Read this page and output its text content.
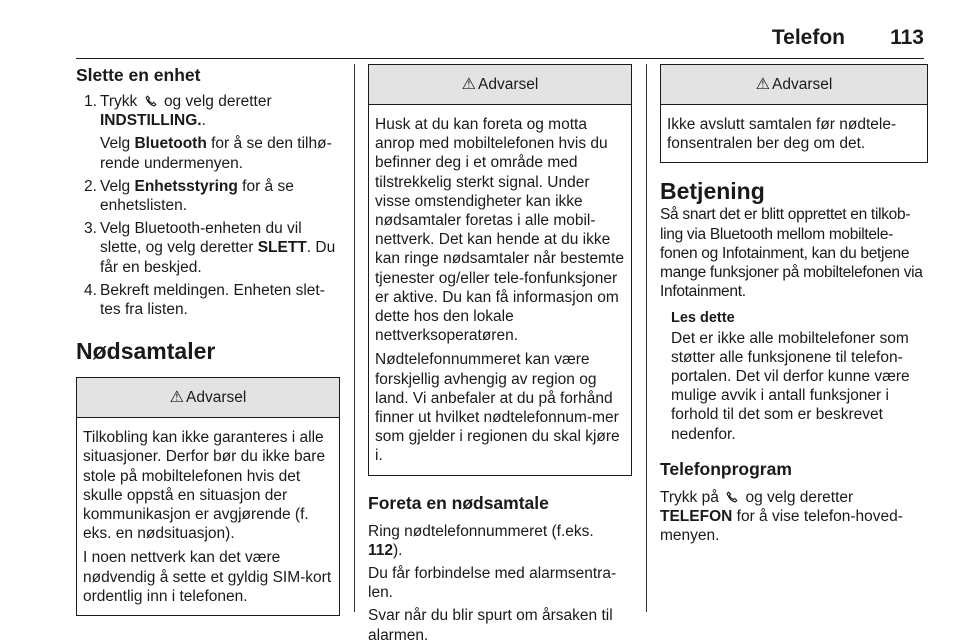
Telefon 113
Slette en enhet
1. Trykk og velg deretter
INDSTILLING..
Velg Bluetooth for å se den tilhø-rende undermenyen.
2. Velg Enhetsstyring for å se enhetslisten.
3. Velg Bluetooth-enheten du vil slette, og velg deretter SLETT. Du får en beskjed.
4. Bekreft meldingen. Enheten slet-tes fra listen.
Nødsamtaler
⚠ Advarsel

Tilkobling kan ikke garanteres i alle situasjoner. Derfor bør du ikke bare stole på mobiltelefonen hvis det skulle oppstå en situasjon der kommunikasjon er avgjørende (f. eks. en nødsituasjon).

I noen nettverk kan det være nødvendig å sette et gyldig SIM-kort ordentlig inn i telefonen.

⚠ Advarsel

Husk at du kan foreta og motta anrop med mobiltelefonen hvis du befinner deg i et område med tilstrekkelig sterkt signal. Under visse omstendigheter kan ikke nødsamtaler foretas i alle mobil-nettverk. Det kan hende at du ikke kan ringe nødsamtaler når bestemte tjenester og/eller tele-fonfunksjoner er aktive. Du kan få informasjon om dette hos den lokale nettverksoperatøren.

Nødtelefonnummeret kan være forskjellig avhengig av region og land. Vi anbefaler at du på forhånd finner ut hvilket nødtelefonnum-mer som gjelder i regionen du skal kjøre i.

Foreta en nødsamtale

Ring nødtelefonnummeret (f.eks. 112).

Du får forbindelse med alarmsentra-len.

Svar når du blir spurt om årsaken til alarmen.

⚠ Advarsel

Ikke avslutt samtalen før nødtele-fonsentralen ber deg om det.

Betjening

Så snart det er blitt opprettet en tilkob-ling via Bluetooth mellom mobiltele-fonen og Infotainment, kan du betjene mange funksjoner på mobiltelefonen via Infotainment.

Les dette

Det er ikke alle mobiltelefoner som støtter alle funksjonene til telefon-portalen. Det vil derfor kunne være mulige avvik i antall funksjoner i forhold til det som er beskrevet nedenfor.

Telefonprogram

Trykk på og velg deretter
TELEFON for å vise telefon-hoved-menyen.
